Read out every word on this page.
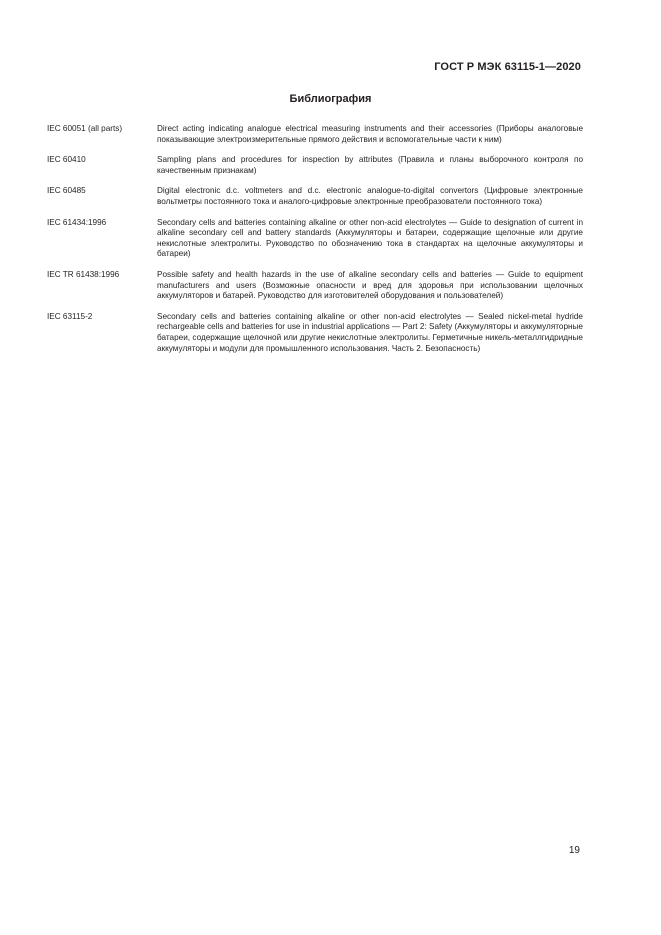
ГОСТ Р МЭК 63115-1—2020
Библиография
IEC 60051 (all parts)	Direct acting indicating analogue electrical measuring instruments and their accessories (Приборы аналоговые показывающие электроизмерительные прямого действия и вспомогательные части к ним)
IEC 60410	Sampling plans and procedures for inspection by attributes (Правила и планы выборочного контроля по качественным признакам)
IEC 60485	Digital electronic d.c. voltmeters and d.c. electronic analogue-to-digital convertors (Цифровые электронные вольтметры постоянного тока и аналого-цифровые электронные преобразователи постоянного тока)
IEC 61434:1996	Secondary cells and batteries containing alkaline or other non-acid electrolytes — Guide to designation of current in alkaline secondary cell and battery standards (Аккумуляторы и батареи, содержащие щелочные или другие некислотные электролиты. Руководство по обозначению тока в стандартах на щелочные аккумуляторы и батареи)
IEC TR 61438:1996	Possible safety and health hazards in the use of alkaline secondary cells and batteries — Guide to equipment manufacturers and users (Возможные опасности и вред для здоровья при использовании щелочных аккумуляторов и батарей. Руководство для изготовителей оборудования и пользователей)
IEC 63115-2	Secondary cells and batteries containing alkaline or other non-acid electrolytes — Sealed nickel-metal hydride rechargeable cells and batteries for use in industrial applications — Part 2: Safety (Аккумуляторы и аккумуляторные батареи, содержащие щелочной или другие некислотные электролиты. Герметичные никель-металлгидридные аккумуляторы и модули для промышленного использования. Часть 2. Безопасность)
19
